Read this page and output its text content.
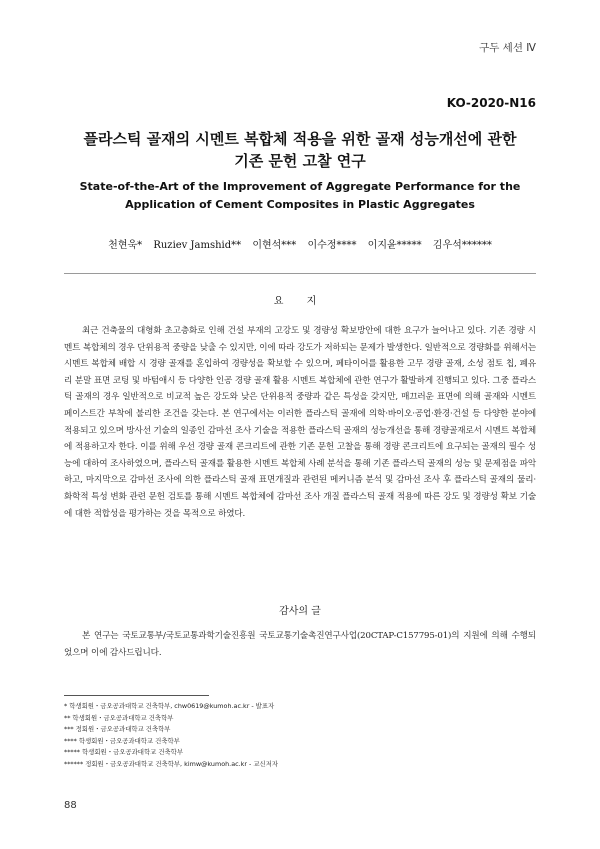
구두 세션 Ⅳ
KO-2020-N16
플라스틱 골재의 시멘트 복합체 적용을 위한 골재 성능개선에 관한
기존 문헌 고찰 연구
State-of-the-Art of the Improvement of Aggregate Performance for the
Application of Cement Composites in Plastic Aggregates
천현욱* Ruziev Jamshid** 이현석*** 이수정**** 이지윤***** 김우석******
요 지
최근 건축물의 대형화 초고층화로 인해 건설 부재의 고강도 및 경량성 확보방안에 대한 요구가 늘어나고 있다. 기존 경량 시멘트 복합체의 경우 단위용적 중량을 낮출 수 있지만, 이에 따라 강도가 저하되는 문제가 발생한다. 일반적으로 경량화를 위해서는 시멘트 복합체 배합 시 경량 골재를 혼입하여 경량성을 확보할 수 있으며, 페타이어를 활용한 고무 경량 골재, 소성 점토 칩, 폐유리 분말 표면 코팅 및 바텀애시 등 다양한 인공 경량 골재 활용 시멘트 복합체에 관한 연구가 활발하게 진행되고 있다. 그중 플라스틱 골재의 경우 일반적으로 비교적 높은 강도와 낮은 단위용적 중량과 같은 특성을 갖지만, 매끄러운 표면에 의해 골재와 시멘트 페이스트간 부착에 불리한 조건을 갖는다. 본 연구에서는 이러한 플라스틱 골재에 의학·바이오·공업·환경·건설 등 다양한 분야에 적용되고 있으며 방사선 기술의 일종인 감마선 조사 기술을 적용한 플라스틱 골재의 성능개선을 통해 경량골재로서 시멘트 복합체에 적용하고자 한다. 이를 위해 우선 경량 골재 콘크리트에 관한 기존 문헌 고찰을 통해 경량 콘크리트에 요구되는 골재의 필수 성능에 대하여 조사하였으며, 플라스틱 골재를 활용한 시멘트 복합체 사례 분석을 통해 기존 플라스틱 골재의 성능 및 문제점을 파악하고, 마지막으로 감마선 조사에 의한 플라스틱 골재 표면개질과 관련된 메커니즘 분석 및 감마선 조사 후 플라스틱 골재의 물리·화학적 특성 변화 관련 문헌 검토를 통해 시멘트 복합체에 감마선 조사 개질 플라스틱 골재 적용에 따른 강도 및 경량성 확보 기술에 대한 적합성을 평가하는 것을 목적으로 하였다.
감사의 글
본 연구는 국토교통부/국토교통과학기술진흥원 국토교통기술촉진연구사업(20CTAP-C157795-01)의 지원에 의해 수행되었으며 이에 감사드립니다.
* 학생회원・금오공과대학교 건축학부, chw0619@kumoh.ac.kr - 발표자
** 학생회원・금오공과대학교 건축학부
*** 정회원・금오공과대학교 건축학부
**** 학생회원・금오공과대학교 건축학부
***** 학생회원・금오공과대학교 건축학부
****** 정회원・금오공과대학교 건축학부, kimw@kumoh.ac.kr - 교신저자
88
